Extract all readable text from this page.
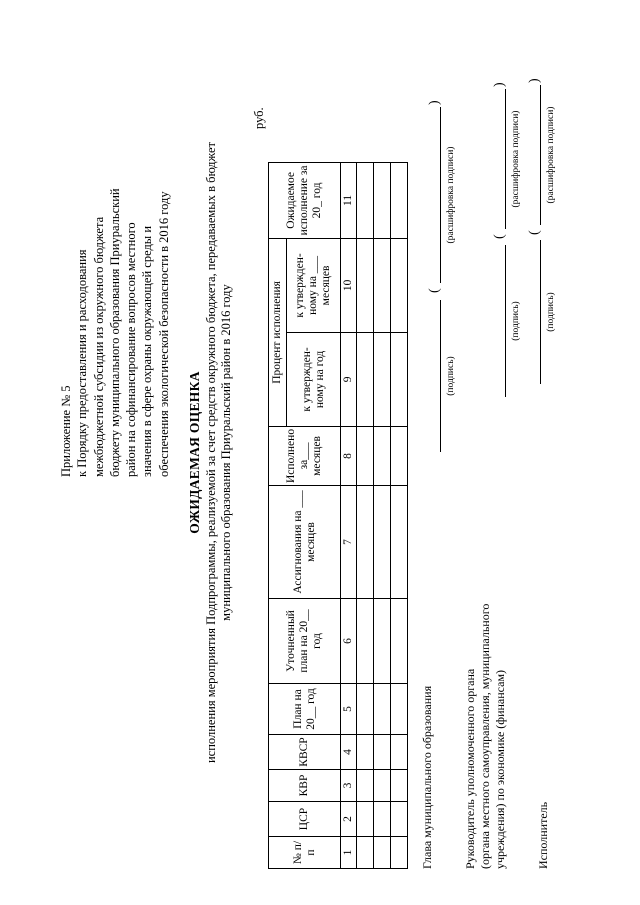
Приложение № 5 к Порядку предоставления и расходования межбюджетной субсидии из окружного бюджета бюджету муниципального образования Приуральский район на софинансирование вопросов местного значения в сфере охраны окружающей среды и обеспечения экологической безопасности в 2016 году ОЖИДАЕМАЯ ОЦЕНКА исполнения мероприятия Подпрограммы, реализуемой за счет средств окружного бюджета, передаваемых в бюджет муниципального образования Приуральский район в 2016 году
руб.
№ п/п	ЦСР	КВР	КВСР	План на 20__ год	Уточненный план на 20__ год	Ассигнования на ___ месяцев	Исполнено за___ месяцев	Процент исполнения		Ожидаемое исполнение за 20_ год
								к утвержден-ному на год	к утвержден-ному на ___ месяцев	
1	2	3	4	5	6	7	8	9	10	11

Глава муниципального образования
(
)
(подпись)
(расшифровка подписи)
Руководитель уполномоченного органа (органа местного самоуправления, муниципального учреждения) по экономике (финансам)
(
)
(подпись)
(расшифровка подписи)
Исполнитель
(
)
(подпись)
(расшифровка подписи)
